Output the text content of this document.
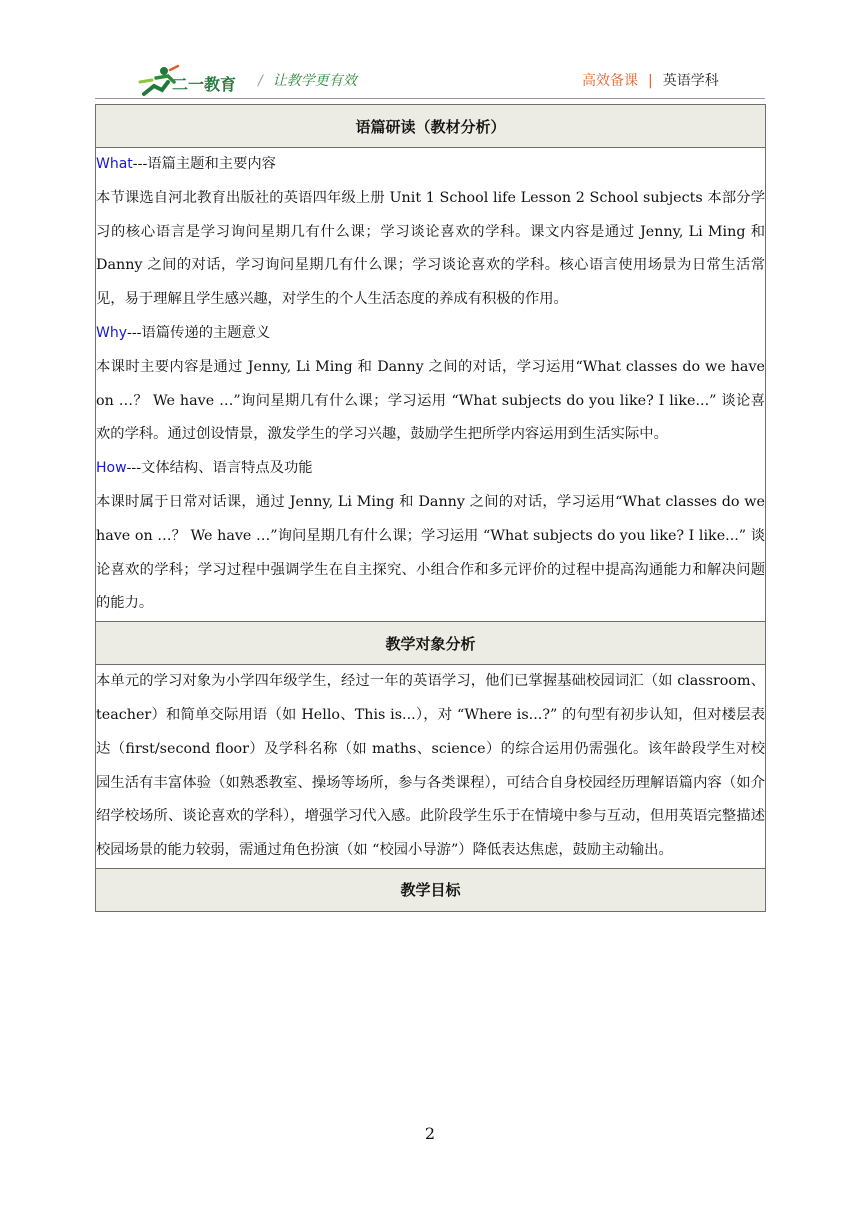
二一教育 / 让教学更有效	高效备课 | 英语学科
语篇研读（教材分析）

What---语篇主题和主要内容
本节课选自河北教育出版社的英语四年级上册 Unit 1 School life Lesson 2 School subjects 本部分学习的核心语言是学习询问星期几有什么课；学习谈论喜欢的学科。课文内容是通过 Jenny, Li Ming 和 Danny 之间的对话，学习询问星期几有什么课；学习谈论喜欢的学科。核心语言使用场景为日常生活常见，易于理解且学生感兴趣，对学生的个人生活态度的养成有积极的作用。
Why---语篇传递的主题意义
本课时主要内容是通过 Jenny, Li Ming 和 Danny 之间的对话，学习运用“What classes do we have on …？ We have …”询问星期几有什么课；学习运用 “What subjects do you like? I like...” 谈论喜欢的学科。通过创设情景，激发学生的学习兴趣，鼓励学生把所学内容运用到生活实际中。
How---文体结构、语言特点及功能
本课时属于日常对话课，通过 Jenny, Li Ming 和 Danny 之间的对话，学习运用“What classes do we have on …？ We have …”询问星期几有什么课；学习运用 “What subjects do you like? I like...” 谈论喜欢的学科；学习过程中强调学生在自主探究、小组合作和多元评价的过程中提高沟通能力和解决问题的能力。

教学对象分析

本单元的学习对象为小学四年级学生，经过一年的英语学习，他们已掌握基础校园词汇（如 classroom、teacher）和简单交际用语（如 Hello、This is...），对 “Where is...?” 的句型有初步认知，但对楼层表达（first/second floor）及学科名称（如 maths、science）的综合运用仍需强化。该年龄段学生对校园生活有丰富体验（如熟悉教室、操场等场所，参与各类课程），可结合自身校园经历理解语篇内容（如介绍学校场所、谈论喜欢的学科），增强学习代入感。此阶段学生乐于在情境中参与互动，但用英语完整描述校园场景的能力较弱，需通过角色扮演（如 “校园小导游”）降低表达焦虑，鼓励主动输出。

教学目标
2
